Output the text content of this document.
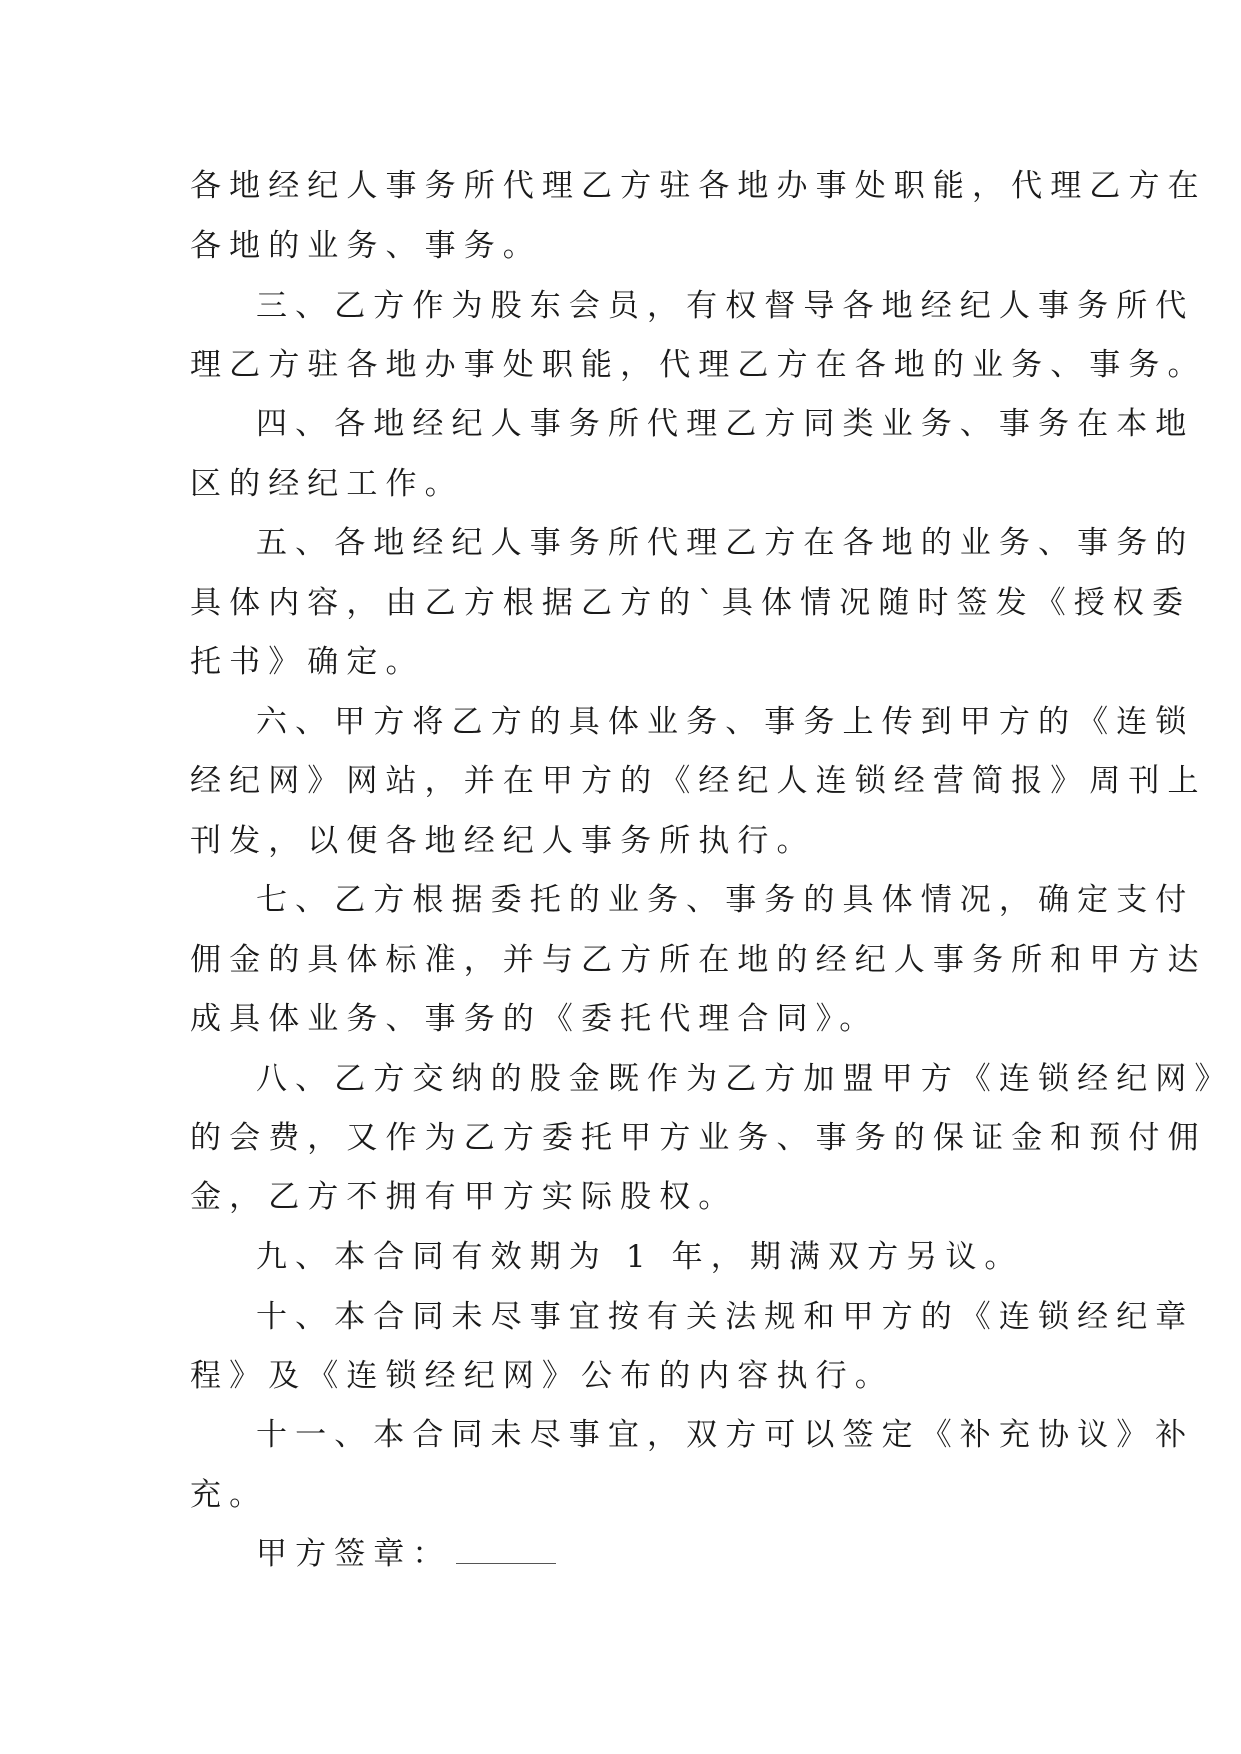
各地经纪人事务所代理乙方驻各地办事处职能，代理乙方在
各地的业务、事务。
三、乙方作为股东会员，有权督导各地经纪人事务所代
理乙方驻各地办事处职能，代理乙方在各地的业务、事务。
四、各地经纪人事务所代理乙方同类业务、事务在本地
区的经纪工作。
五、各地经纪人事务所代理乙方在各地的业务、事务的
具体内容，由乙方根据乙方的`具体情况随时签发《授权委
托书》确定。
六、甲方将乙方的具体业务、事务上传到甲方的《连锁
经纪网》网站，并在甲方的《经纪人连锁经营简报》周刊上
刊发，以便各地经纪人事务所执行。
七、乙方根据委托的业务、事务的具体情况，确定支付
佣金的具体标准，并与乙方所在地的经纪人事务所和甲方达
成具体业务、事务的《委托代理合同》。
八、乙方交纳的股金既作为乙方加盟甲方《连锁经纪网》
的会费，又作为乙方委托甲方业务、事务的保证金和预付佣
金，乙方不拥有甲方实际股权。
九、本合同有效期为 1 年，期满双方另议。
十、本合同未尽事宜按有关法规和甲方的《连锁经纪章
程》及《连锁经纪网》公布的内容执行。
十一、本合同未尽事宜，双方可以签定《补充协议》补
充。
甲方签章：
